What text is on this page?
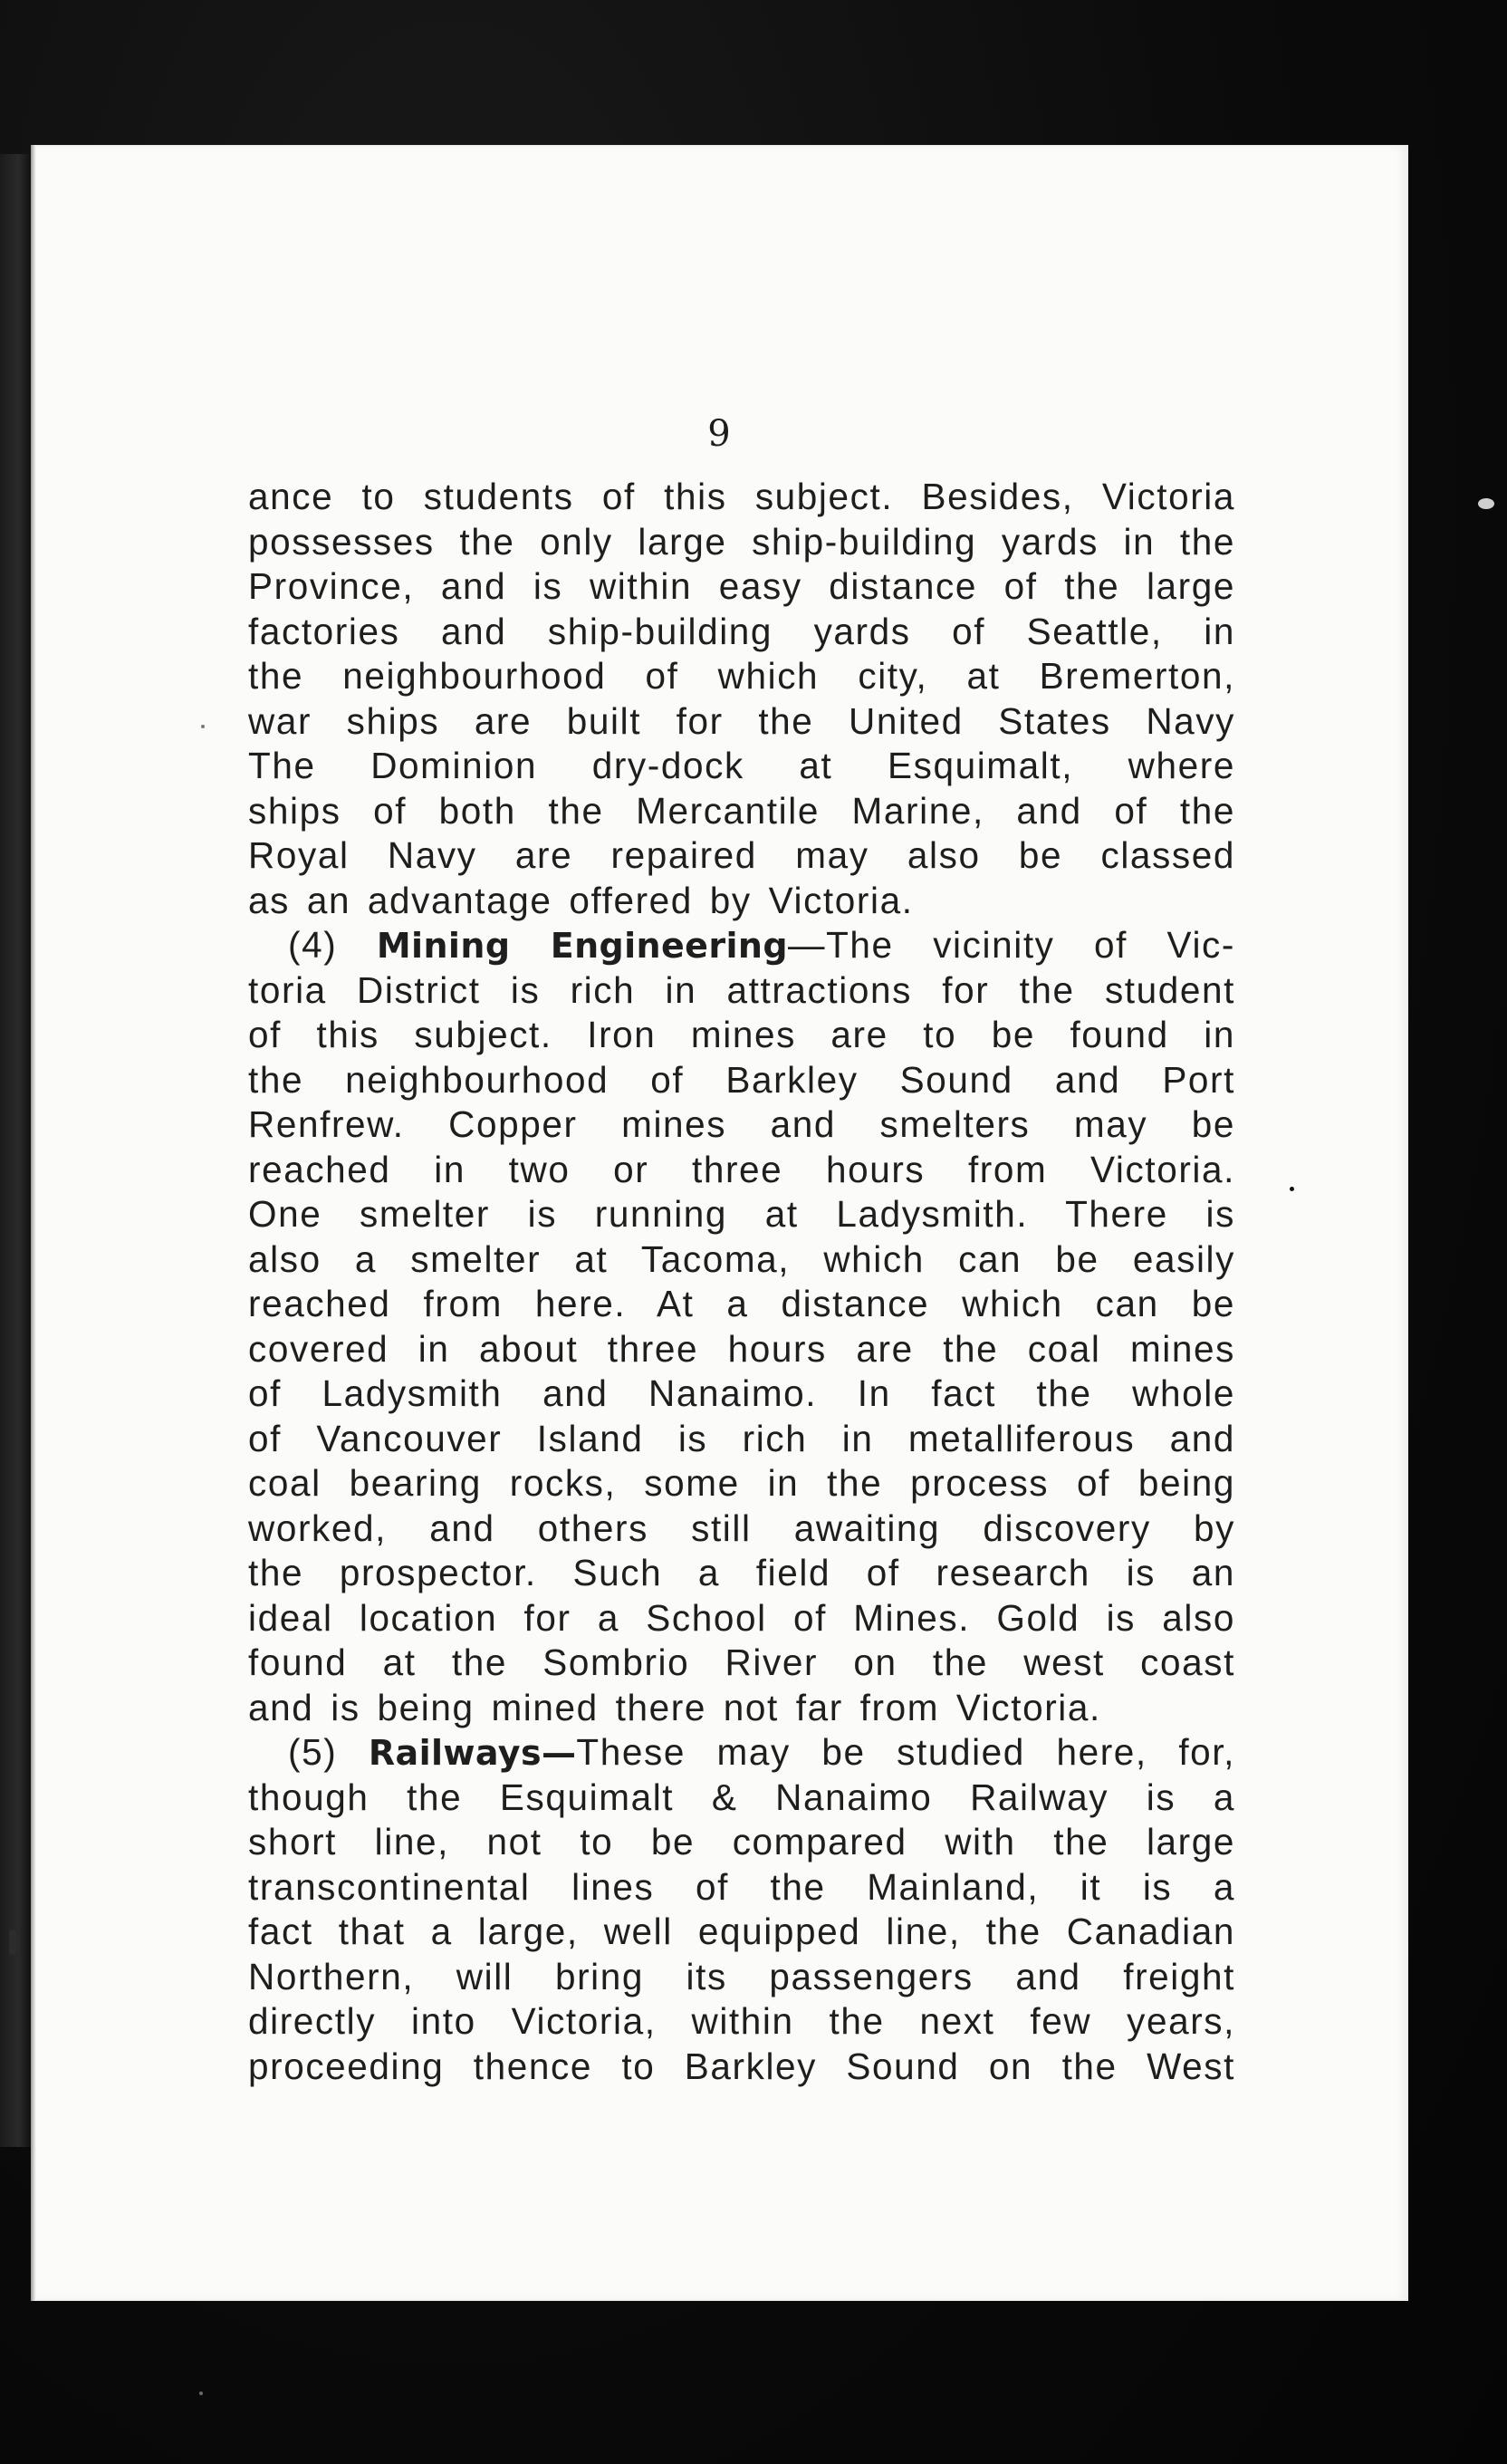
9
ance to students of this subject. Besides, Victoria
possesses the only large ship-building yards in the
Province, and is within easy distance of the large
factories and ship-building yards of Seattle, in
the neighbourhood of which city, at Bremerton,
war ships are built for the United States Navy
The Dominion dry-dock at Esquimalt, where
ships of both the Mercantile Marine, and of the
Royal Navy are repaired may also be classed
as an advantage offered by Victoria.
(4) Mining Engineering—The vicinity of Vic-
toria District is rich in attractions for the student
of this subject. Iron mines are to be found in
the neighbourhood of Barkley Sound and Port
Renfrew. Copper mines and smelters may be
reached in two or three hours from Victoria.
One smelter is running at Ladysmith. There is
also a smelter at Tacoma, which can be easily
reached from here. At a distance which can be
covered in about three hours are the coal mines
of Ladysmith and Nanaimo. In fact the whole
of Vancouver Island is rich in metalliferous and
coal bearing rocks, some in the process of being
worked, and others still awaiting discovery by
the prospector. Such a field of research is an
ideal location for a School of Mines. Gold is also
found at the Sombrio River on the west coast
and is being mined there not far from Victoria.
(5) Railways—These may be studied here, for,
though the Esquimalt & Nanaimo Railway is a
short line, not to be compared with the large
transcontinental lines of the Mainland, it is a
fact that a large, well equipped line, the Canadian
Northern, will bring its passengers and freight
directly into Victoria, within the next few years,
proceeding thence to Barkley Sound on the West
